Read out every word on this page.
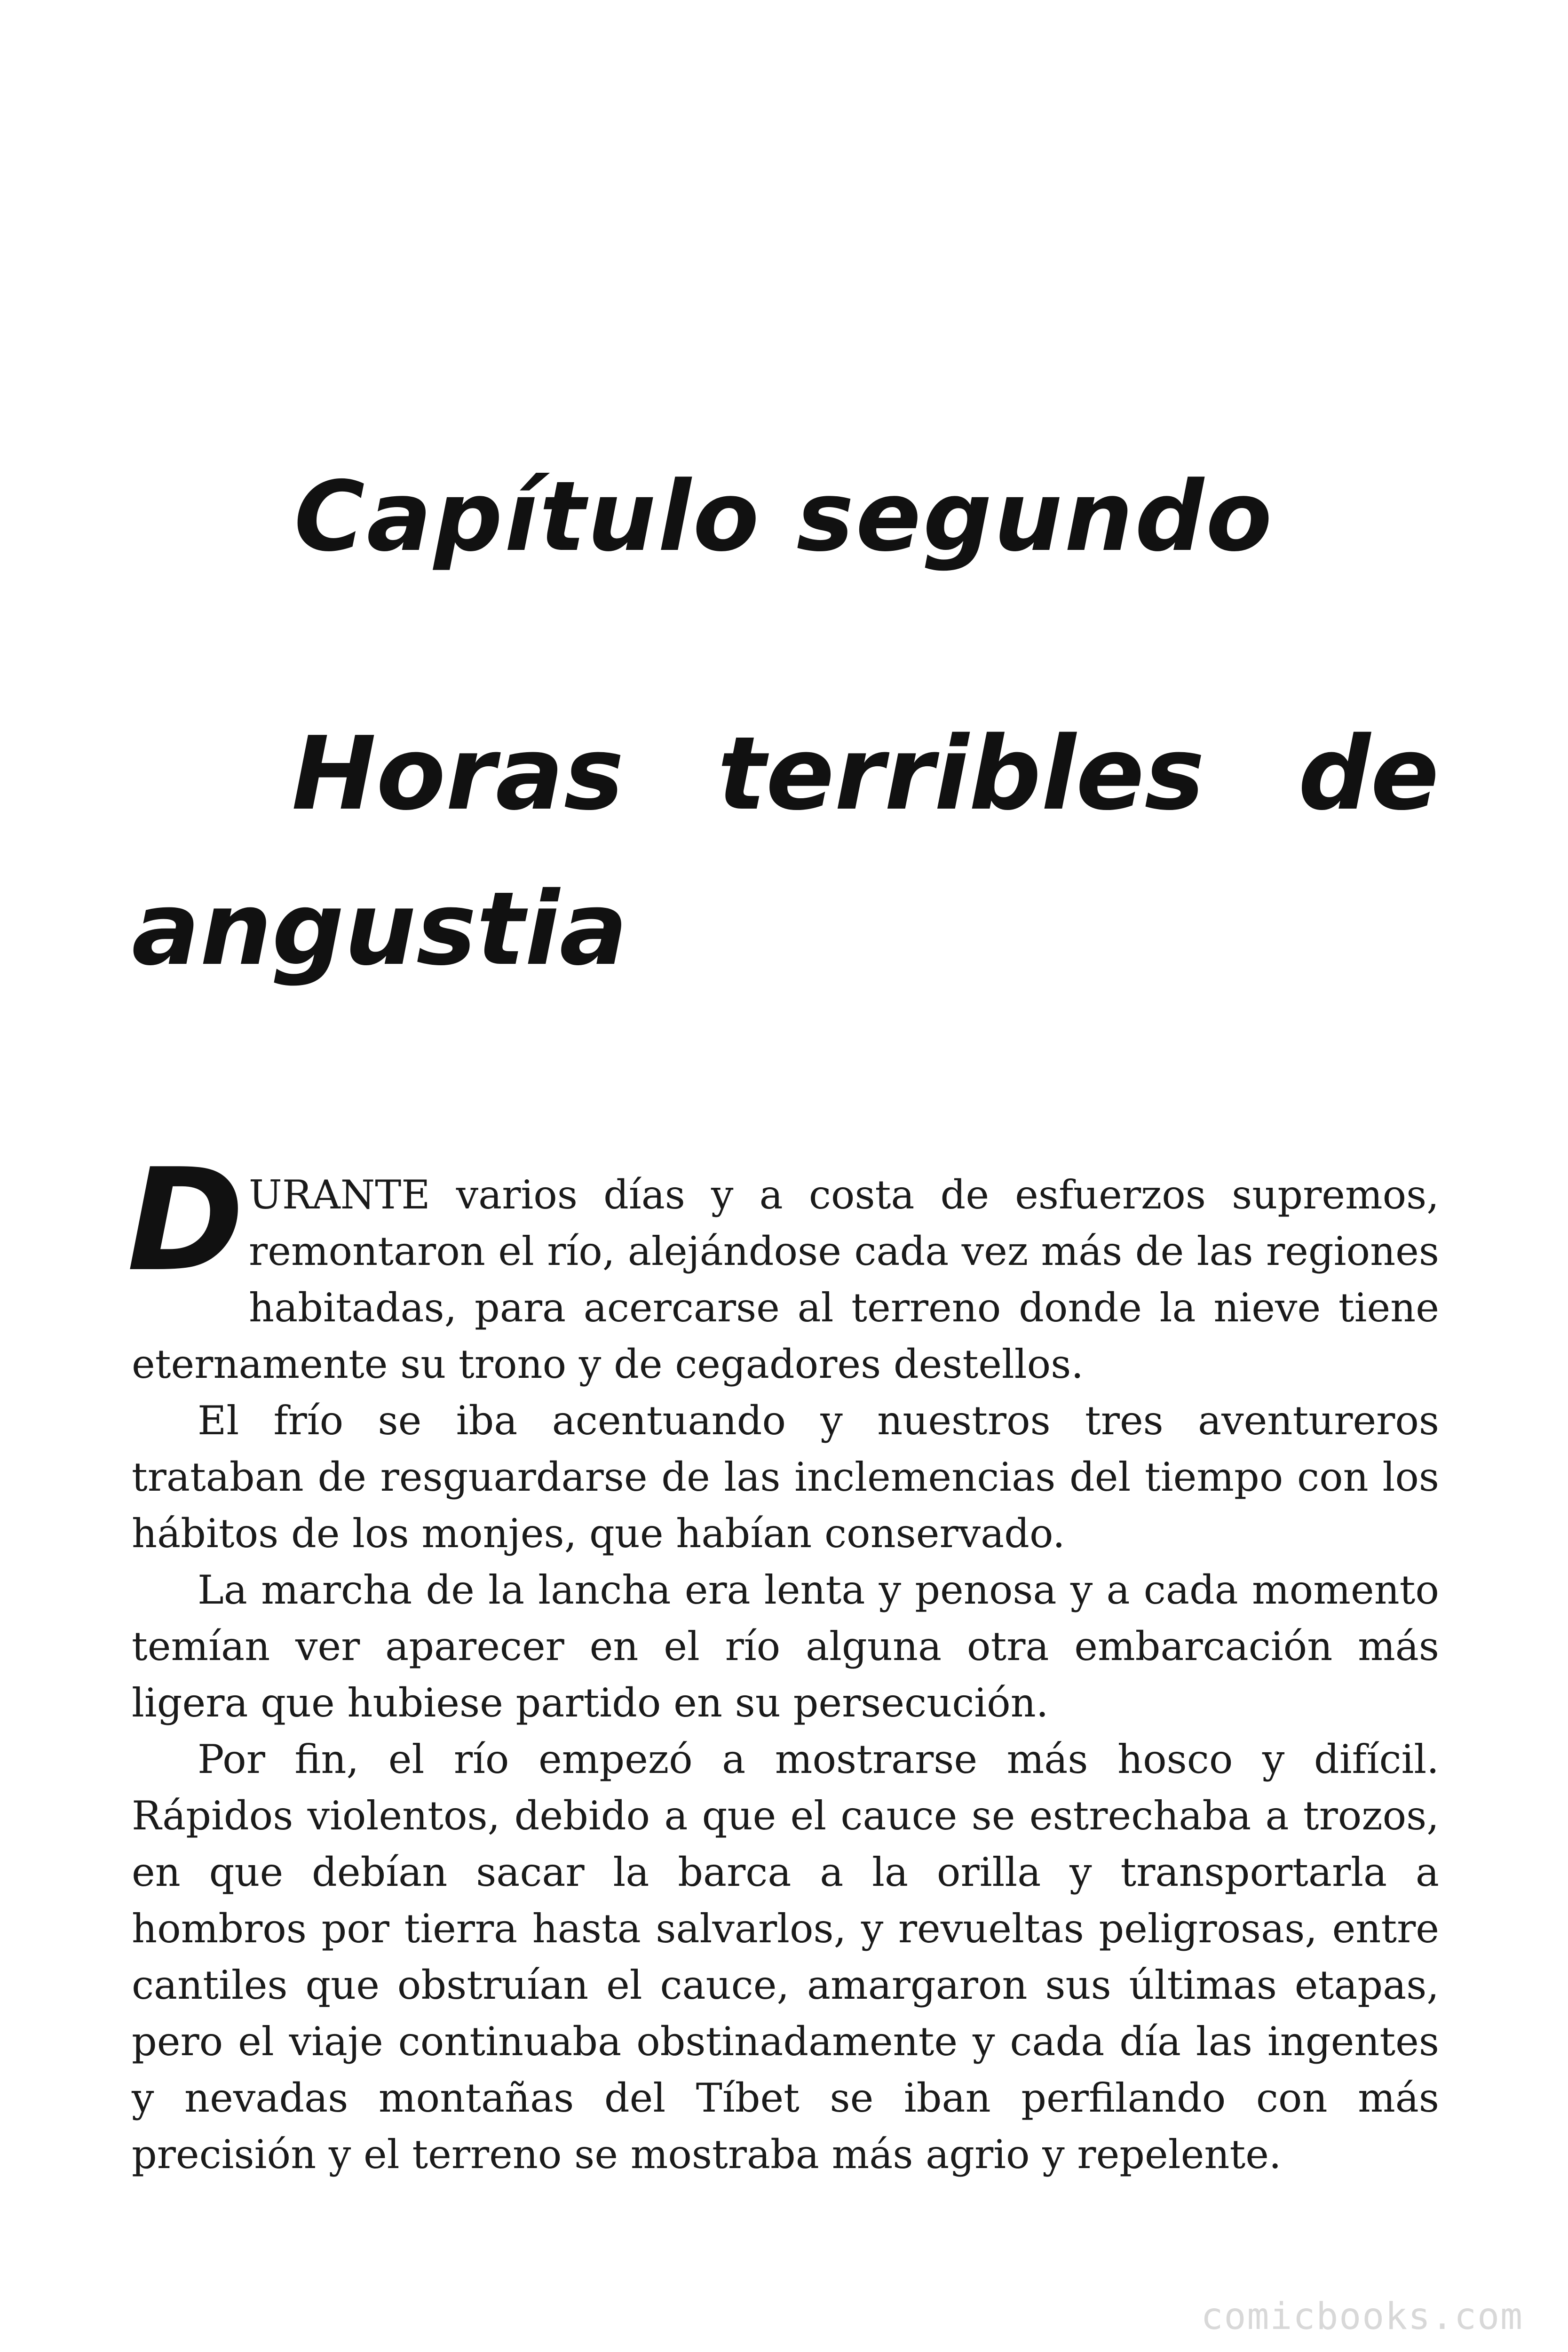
Capítulo segundo
Horas terribles de
angustia

D URANTE varios días y a costa de esfuerzos supremos,
remontaron el río, alejándose cada vez más de las regiones habitadas, para acercarse al terreno donde la nieve tiene eternamente su trono y de cegadores destellos.

El frío se iba acentuando y nuestros tres aventureros trataban de resguardarse de las inclemencias del tiempo con los hábitos de los monjes, que habían conservado.

La marcha de la lancha era lenta y penosa y a cada momento temían ver aparecer en el río alguna otra embarcación más ligera que hubiese partido en su persecución.

Por fin, el río empezó a mostrarse más hosco y difícil. Rápidos violentos, debido a que el cauce se estrechaba a trozos, en que debían sacar la barca a la orilla y transportarla a hombros por tierra hasta salvarlos, y revueltas peligrosas, entre cantiles que obstruían el cauce, amargaron sus últimas etapas, pero el viaje continuaba obstinadamente y cada día las ingentes y nevadas montañas del Tíbet se iban perfilando con más precisión y el terreno se mostraba más agrio y repelente.

comicbooks.com
